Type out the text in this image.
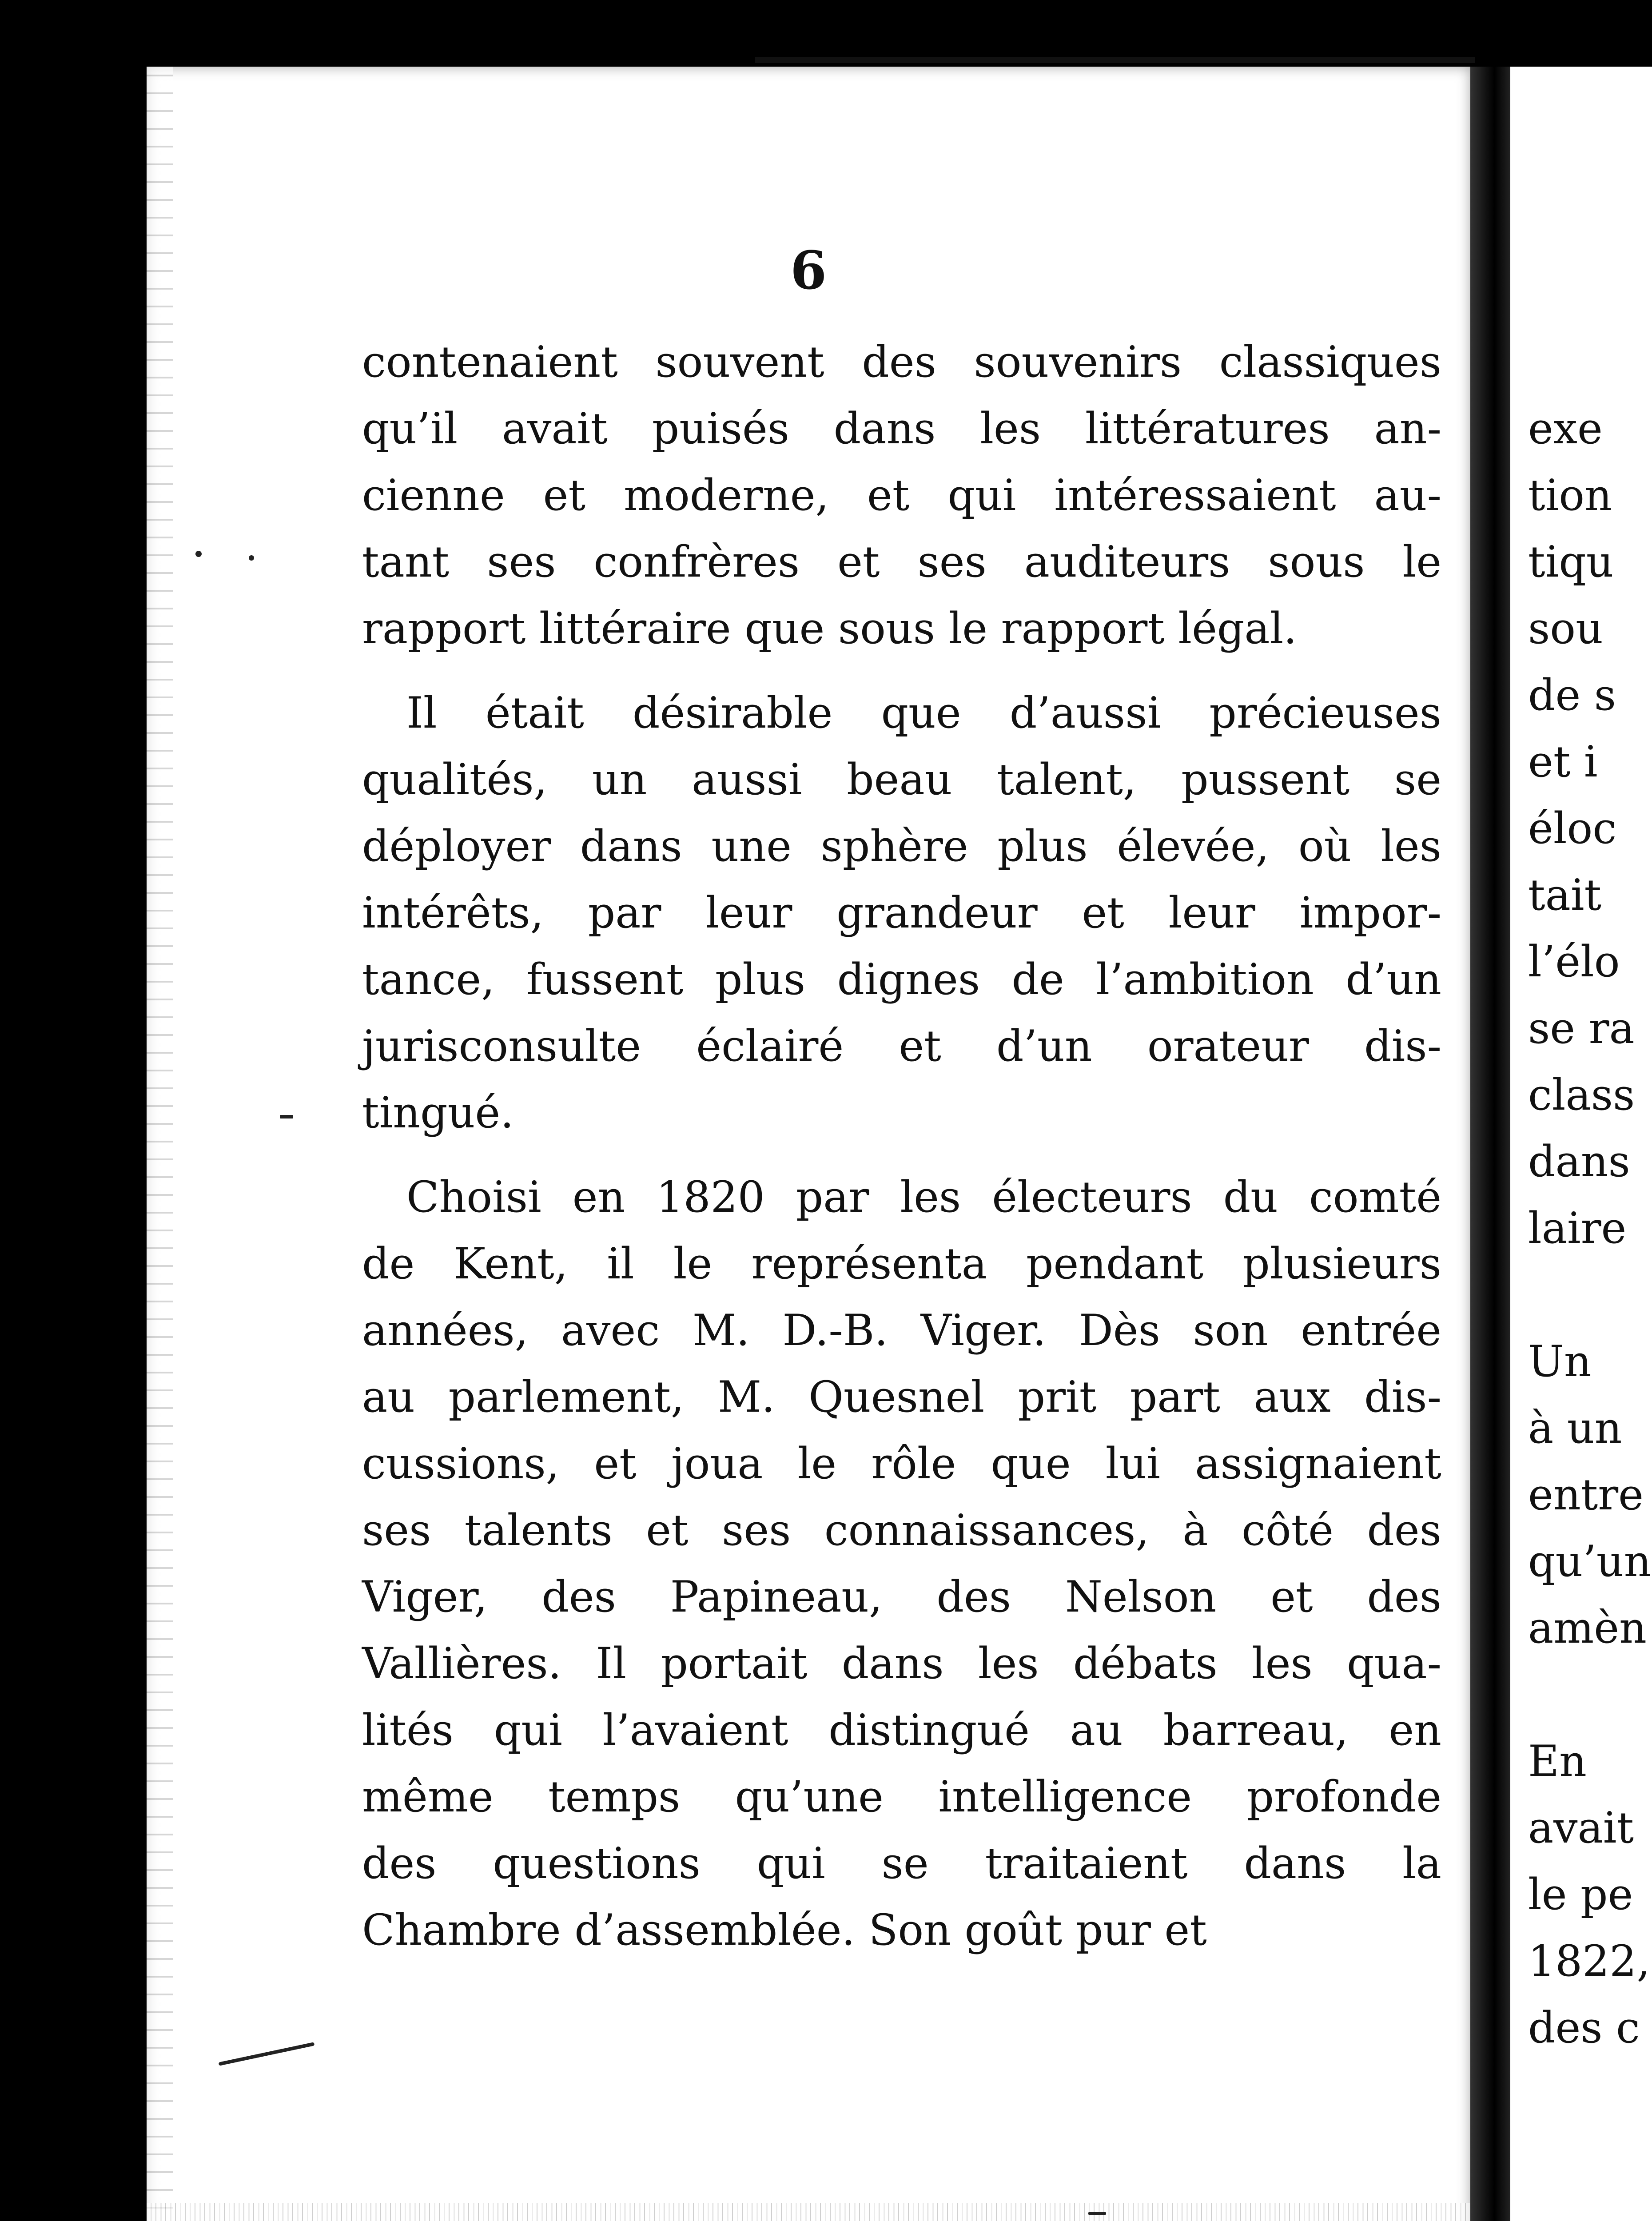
6
contenaient souvent des souvenirs classiques
qu’il avait puisés dans les littératures an-
cienne et moderne, et qui intéressaient au-
tant ses confrères et ses auditeurs sous le
rapport littéraire que sous le rapport légal.
Il était désirable que d’aussi précieuses
qualités, un aussi beau talent, pussent se
déployer dans une sphère plus élevée, où les
intérêts, par leur grandeur et leur impor-
tance, fussent plus dignes de l’ambition d’un
jurisconsulte éclairé et d’un orateur dis-
tingué.
Choisi en 1820 par les électeurs du comté
de Kent, il le représenta pendant plusieurs
années, avec M. D.-B. Viger. Dès son entrée
au parlement, M. Quesnel prit part aux dis-
cussions, et joua le rôle que lui assignaient
ses talents et ses connaissances, à côté des
Viger, des Papineau, des Nelson et des
Vallières. Il portait dans les débats les qua-
lités qui l’avaient distingué au barreau, en
même temps qu’une intelligence profonde
des questions qui se traitaient dans la
Chambre d’assemblée. Son goût pur et
exe
tion
tiqu
sou
de s
et i
éloc
tait
l’élo
se ra
class
dans
laire
Un
à un
entre
qu’un
amèn
En
avait
le pe
1822,
des c
